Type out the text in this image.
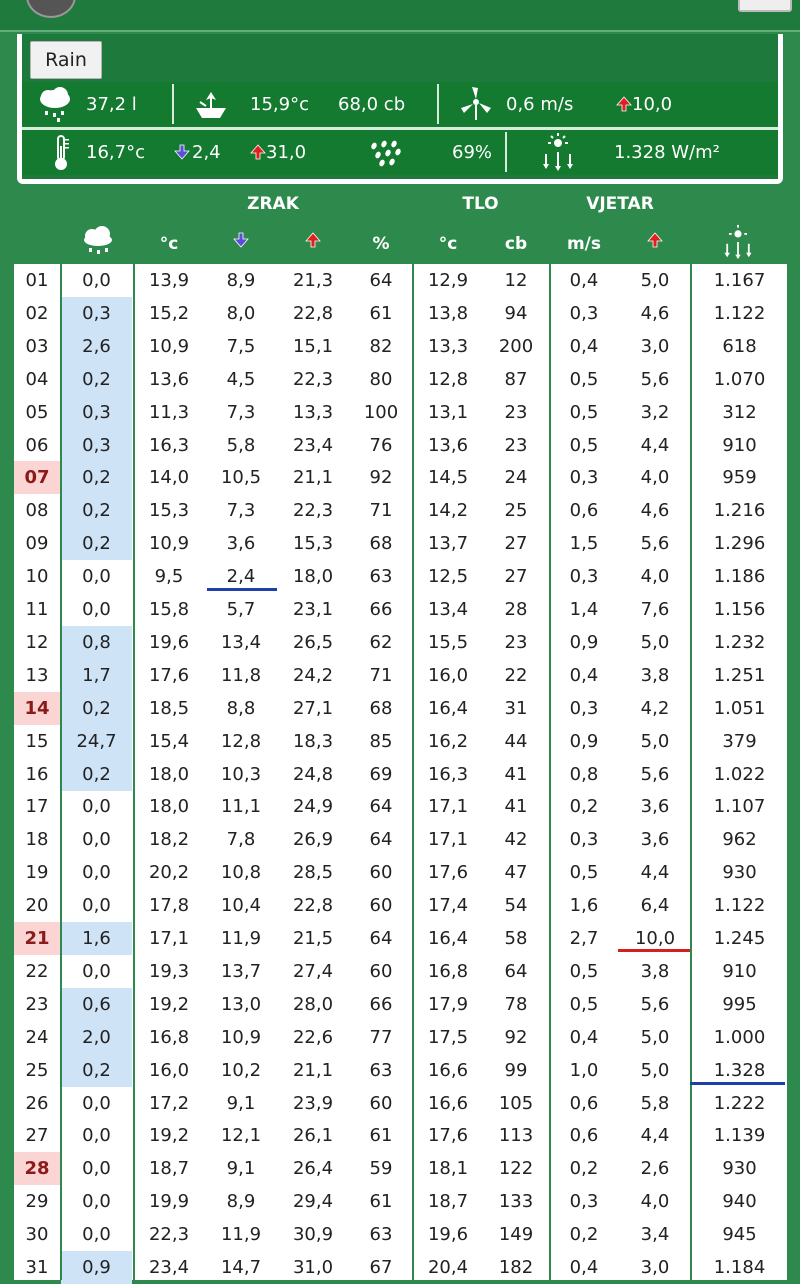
Rain
37,2 l	15,9°c 68,0 cb	0,6 m/s	10,0
16,7°c	2,4	31,0	69%	1.328 W/m²
ZRAK	TLO	VJETAR
°c	%	°c	cb	m/s
01	0,0	13,9	8,9	21,3	64	12,9	12	0,4	5,0	1.167
02	0,3	15,2	8,0	22,8	61	13,8	94	0,3	4,6	1.122
03	2,6	10,9	7,5	15,1	82	13,3	200	0,4	3,0	618
04	0,2	13,6	4,5	22,3	80	12,8	87	0,5	5,6	1.070
05	0,3	11,3	7,3	13,3	100	13,1	23	0,5	3,2	312
06	0,3	16,3	5,8	23,4	76	13,6	23	0,5	4,4	910
07	0,2	14,0	10,5	21,1	92	14,5	24	0,3	4,0	959
08	0,2	15,3	7,3	22,3	71	14,2	25	0,6	4,6	1.216
09	0,2	10,9	3,6	15,3	68	13,7	27	1,5	5,6	1.296
10	0,0	9,5	2,4	18,0	63	12,5	27	0,3	4,0	1.186
11	0,0	15,8	5,7	23,1	66	13,4	28	1,4	7,6	1.156
12	0,8	19,6	13,4	26,5	62	15,5	23	0,9	5,0	1.232
13	1,7	17,6	11,8	24,2	71	16,0	22	0,4	3,8	1.251
14	0,2	18,5	8,8	27,1	68	16,4	31	0,3	4,2	1.051
15	24,7	15,4	12,8	18,3	85	16,2	44	0,9	5,0	379
16	0,2	18,0	10,3	24,8	69	16,3	41	0,8	5,6	1.022
17	0,0	18,0	11,1	24,9	64	17,1	41	0,2	3,6	1.107
18	0,0	18,2	7,8	26,9	64	17,1	42	0,3	3,6	962
19	0,0	20,2	10,8	28,5	60	17,6	47	0,5	4,4	930
20	0,0	17,8	10,4	22,8	60	17,4	54	1,6	6,4	1.122
21	1,6	17,1	11,9	21,5	64	16,4	58	2,7	10,0	1.245
22	0,0	19,3	13,7	27,4	60	16,8	64	0,5	3,8	910
23	0,6	19,2	13,0	28,0	66	17,9	78	0,5	5,6	995
24	2,0	16,8	10,9	22,6	77	17,5	92	0,4	5,0	1.000
25	0,2	16,0	10,2	21,1	63	16,6	99	1,0	5,0	1.328
26	0,0	17,2	9,1	23,9	60	16,6	105	0,6	5,8	1.222
27	0,0	19,2	12,1	26,1	61	17,6	113	0,6	4,4	1.139
28	0,0	18,7	9,1	26,4	59	18,1	122	0,2	2,6	930
29	0,0	19,9	8,9	29,4	61	18,7	133	0,3	4,0	940
30	0,0	22,3	11,9	30,9	63	19,6	149	0,2	3,4	945
31	0,9	23,4	14,7	31,0	67	20,4	182	0,4	3,0	1.184
